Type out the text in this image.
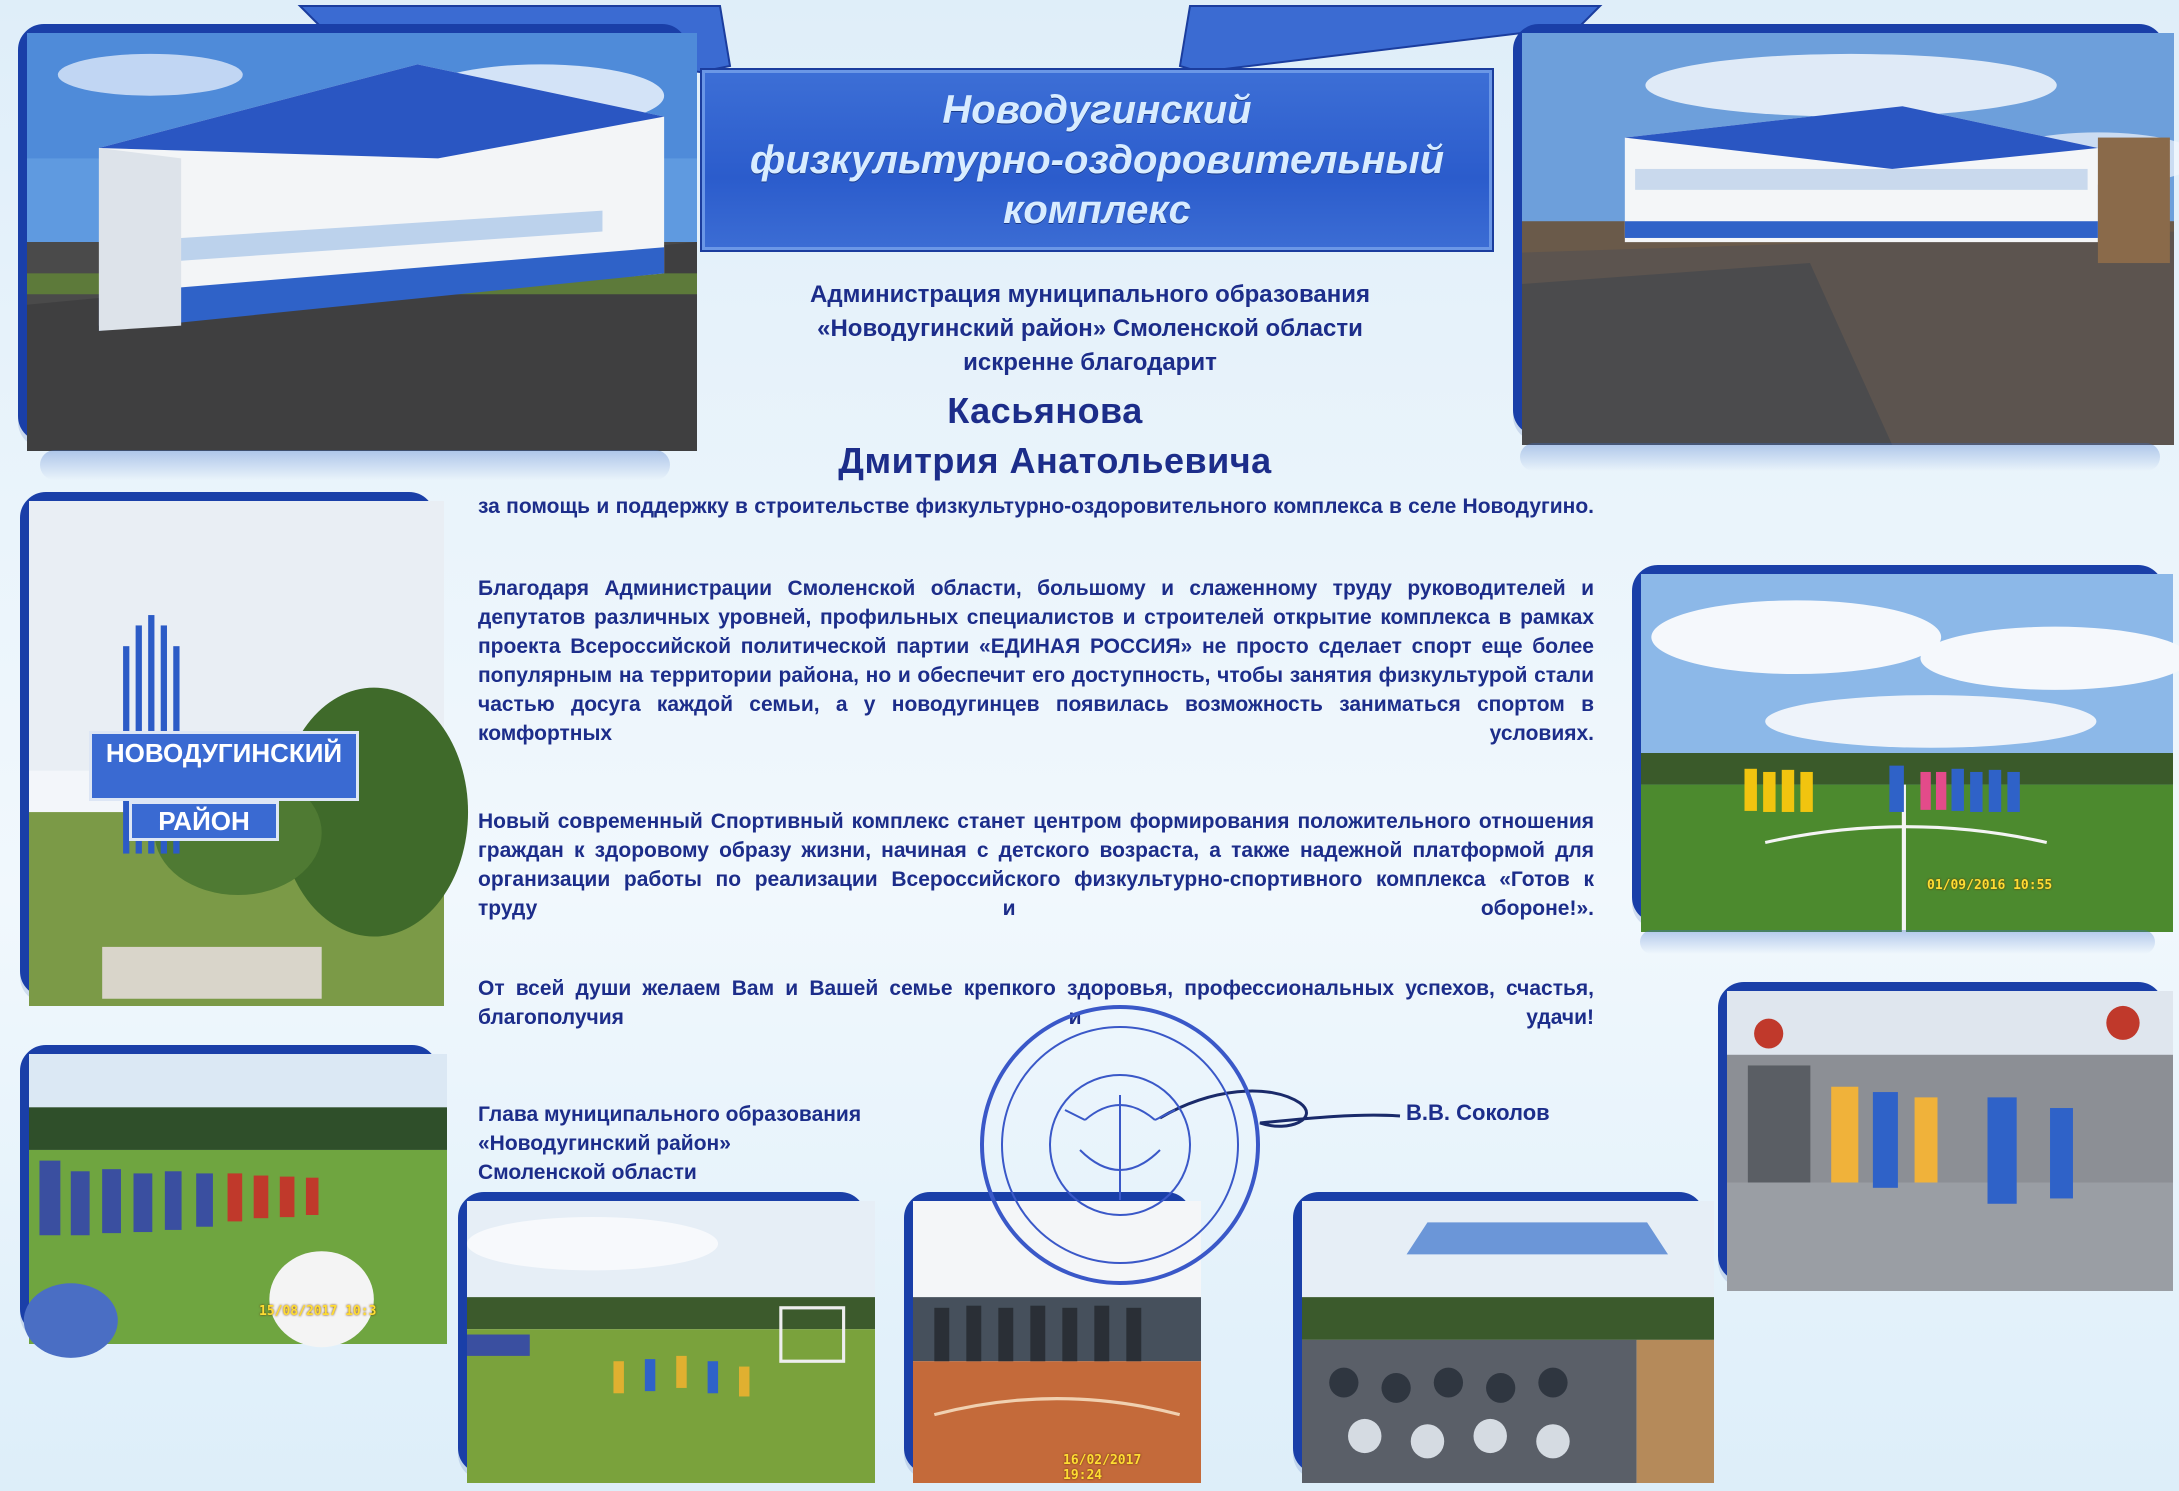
Новодугинский
физкультурно-оздоровительный
комплекс
НОВОДУГИНСКИЙ
РАЙОН
15/08/2017 10:3
01/09/2016 10:55
16/02/2017 19:24
Администрация муниципального образования
«Новодугинский район» Смоленской области
искренне благодарит
Касьянова
Дмитрия Анатольевича

за помощь и поддержку в строительстве физкультурно-оздоровительного комплекса в селе Новодугино.

Благодаря Администрации Смоленской области, большому и слаженному труду руководителей и депутатов различных уровней, профильных специалистов и строителей открытие комплекса в рамках проекта Всероссийской политической партии «ЕДИНАЯ РОССИЯ» не просто сделает спорт еще более популярным на территории района, но и обеспечит его доступность, чтобы занятия физкультурой стали частью досуга каждой семьи, а у новодугинцев появилась возможность заниматься спортом в комфортных условиях.

Новый современный Спортивный комплекс станет центром формирования положительного отношения граждан к здоровому образу жизни, начиная с детского возраста, а также надежной платформой для организации работы по реализации Всероссийского физкультурно-спортивного комплекса «Готов к труду и обороне!».

От всей души желаем Вам и Вашей семье крепкого здоровья, профессиональных успехов, счастья, благополучия и удачи!

Глава муниципального образования
«Новодугинский район»
Смоленской области
В.В. Соколов
